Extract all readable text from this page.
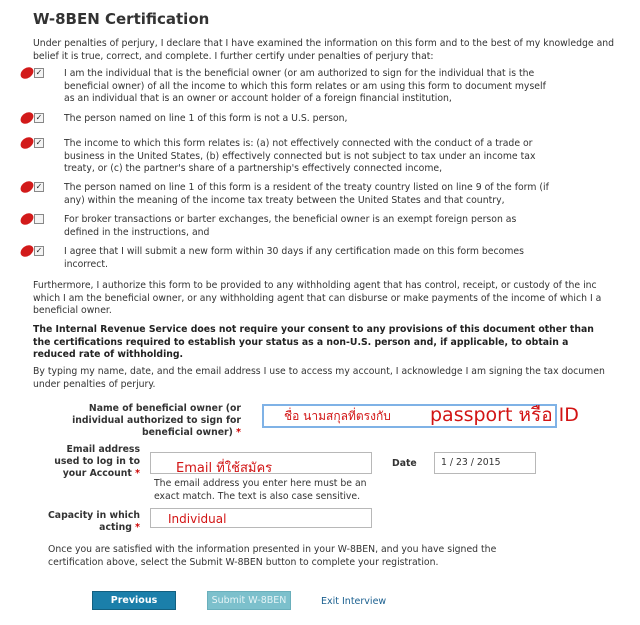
W-8BEN Certification
Under penalties of perjury, I declare that I have examined the information on this form and to the best of my knowledge and belief it is true, correct, and complete. I further certify under penalties of perjury that:
✓ I am the individual that is the beneficial owner (or am authorized to sign for the individual that is the beneficial owner) of all the income to which this form relates or am using this form to document myself as an individual that is an owner or account holder of a foreign financial institution,
✓ The person named on line 1 of this form is not a U.S. person,
✓ The income to which this form relates is: (a) not effectively connected with the conduct of a trade or business in the United States, (b) effectively connected but is not subject to tax under an income tax treaty, or (c) the partner's share of a partnership's effectively connected income,
✓ The person named on line 1 of this form is a resident of the treaty country listed on line 9 of the form (if any) within the meaning of the income tax treaty between the United States and that country,
For broker transactions or barter exchanges, the beneficial owner is an exempt foreign person as defined in the instructions, and
✓ I agree that I will submit a new form within 30 days if any certification made on this form becomes incorrect.
Furthermore, I authorize this form to be provided to any withholding agent that has control, receipt, or custody of the inc which I am the beneficial owner, or any withholding agent that can disburse or make payments of the income of which I a beneficial owner.
The Internal Revenue Service does not require your consent to any provisions of this document other than the certifications required to establish your status as a non-U.S. person and, if applicable, to obtain a reduced rate of withholding.
By typing my name, date, and the email address I use to access my account, I acknowledge I am signing the tax documen under penalties of perjury.
Name of beneficial owner (or individual authorized to sign for beneficial owner) *
ชื่อ นามสกุลที่ตรงกับ passport หรือ ID
Email address used to log in to your Account *	Email ที่ใช้สมัคร
The email address you enter here must be an exact match. The text is also case sensitive.
Date	1 / 23 / 2015
Capacity in which acting *
Individual
Once you are satisfied with the information presented in your W-8BEN, and you have signed the certification above, select the Submit W-8BEN button to complete your registration.
Previous	Submit W-8BEN	Exit Interview
